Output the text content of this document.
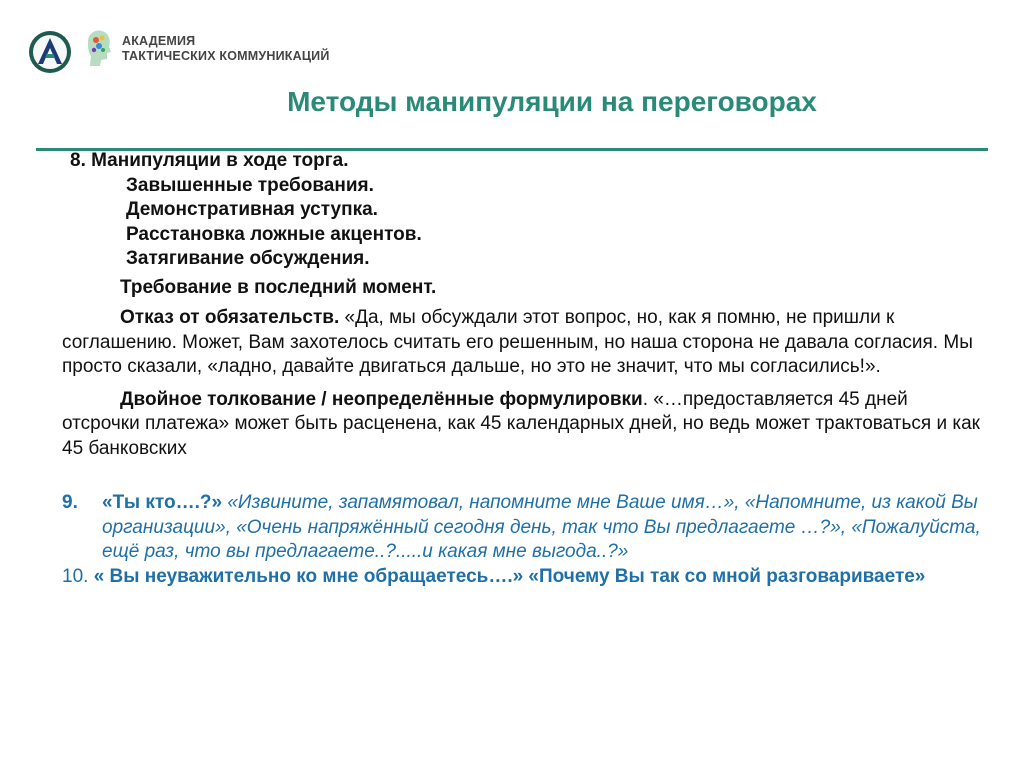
АКАДЕМИЯ
ТАКТИЧЕСКИХ КОММУНИКАЦИЙ
Методы манипуляции на переговорах

8. Манипуляции в ходе торга.

Завышенные требования.

Демонстративная уступка.

Расстановка ложные акцентов.

Затягивание обсуждения.

Требование в последний момент.

Отказ от обязательств. «Да, мы обсуждали этот вопрос, но, как я помню, не пришли к соглашению. Может, Вам захотелось считать его решенным, но наша сторона не давала согласия. Мы просто сказали, «ладно, давайте двигаться дальше, но это не значит, что мы согласились!».

Двойное толкование / неопределённые формулировки. «…предоставляется 45 дней отсрочки платежа» может быть расценена, как 45 календарных дней, но ведь может трактоваться и как 45 банковских

9.	«Ты кто….?» «Извините, запамятовал, напомните мне Ваше имя…», «Напомните, из какой Вы организации», «Очень напряжённый сегодня день, так что Вы предлагаете …?», «Пожалуйста, ещё раз, что вы предлагаете..?.....и какая мне выгода..?»

10. « Вы неуважительно ко мне обращаетесь….» «Почему Вы так со мной разговариваете»
